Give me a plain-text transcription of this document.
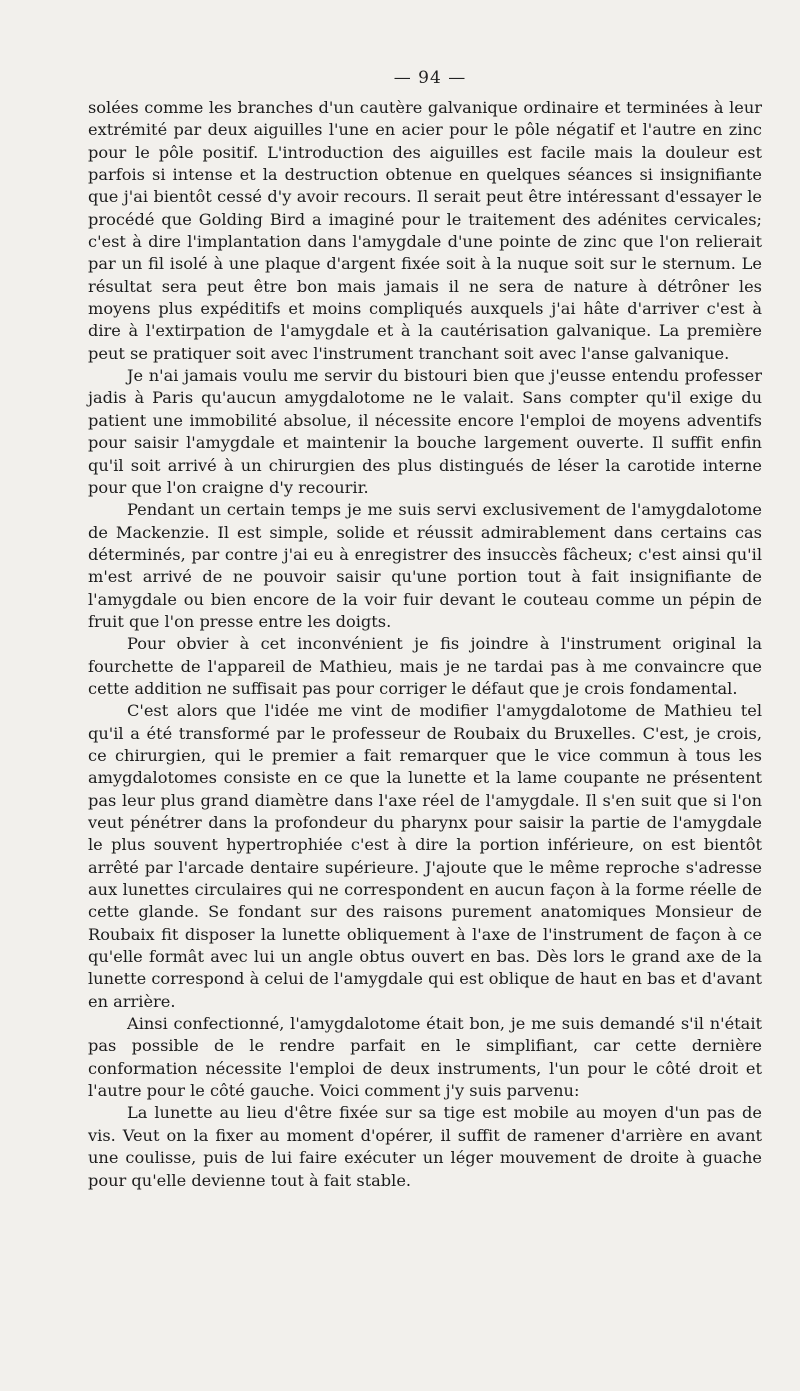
— 94 —

solées comme les branches d'un cautère galvanique ordinaire et terminées à leur extrémité par deux aiguilles l'une en acier pour le pôle négatif et l'autre en zinc pour le pôle positif. L'introduction des aiguilles est facile mais la douleur est parfois si intense et la destruction obtenue en quelques séances si insignifiante que j'ai bientôt cessé d'y avoir recours. Il serait peut être intéressant d'essayer le procédé que Golding Bird a imaginé pour le traitement des adénites cervicales; c'est à dire l'implantation dans l'amygdale d'une pointe de zinc que l'on relierait par un fil isolé à une plaque d'argent fixée soit à la nuque soit sur le sternum. Le résultat sera peut être bon mais jamais il ne sera de nature à détrôner les moyens plus expéditifs et moins compliqués auxquels j'ai hâte d'arriver c'est à dire à l'extirpation de l'amygdale et à la cautérisation galvanique. La première peut se pratiquer soit avec l'instrument tranchant soit avec l'anse galvanique.

Je n'ai jamais voulu me servir du bistouri bien que j'eusse entendu professer jadis à Paris qu'aucun amygdalotome ne le valait. Sans compter qu'il exige du patient une immobilité absolue, il nécessite encore l'emploi de moyens adventifs pour saisir l'amygdale et maintenir la bouche largement ouverte. Il suffit enfin qu'il soit arrivé à un chirurgien des plus distingués de léser la carotide interne pour que l'on craigne d'y recourir.

Pendant un certain temps je me suis servi exclusivement de l'amygdalotome de Mackenzie. Il est simple, solide et réussit admirablement dans certains cas déterminés, par contre j'ai eu à enregistrer des insuccès fâcheux; c'est ainsi qu'il m'est arrivé de ne pouvoir saisir qu'une portion tout à fait insignifiante de l'amygdale ou bien encore de la voir fuir devant le couteau comme un pépin de fruit que l'on presse entre les doigts.

Pour obvier à cet inconvénient je fis joindre à l'instrument original la fourchette de l'appareil de Mathieu, mais je ne tardai pas à me convaincre que cette addition ne suffisait pas pour corriger le défaut que je crois fondamental.

C'est alors que l'idée me vint de modifier l'amygdalotome de Mathieu tel qu'il a été transformé par le professeur de Roubaix du Bruxelles. C'est, je crois, ce chirurgien, qui le premier a fait remarquer que le vice commun à tous les amygdalotomes consiste en ce que la lunette et la lame coupante ne présentent pas leur plus grand diamètre dans l'axe réel de l'amygdale. Il s'en suit que si l'on veut pénétrer dans la profondeur du pharynx pour saisir la partie de l'amygdale le plus souvent hypertrophiée c'est à dire la portion inférieure, on est bientôt arrêté par l'arcade dentaire supérieure. J'ajoute que le même reproche s'adresse aux lunettes circulaires qui ne correspondent en aucun façon à la forme réelle de cette glande. Se fondant sur des raisons purement anatomiques Monsieur de Roubaix fit disposer la lunette obliquement à l'axe de l'instrument de façon à ce qu'elle formât avec lui un angle obtus ouvert en bas. Dès lors le grand axe de la lunette correspond à celui de l'amygdale qui est oblique de haut en bas et d'avant en arrière.

Ainsi confectionné, l'amygdalotome était bon, je me suis demandé s'il n'était pas possible de le rendre parfait en le simplifiant, car cette dernière conformation nécessite l'emploi de deux instruments, l'un pour le côté droit et l'autre pour le côté gauche. Voici comment j'y suis parvenu:

La lunette au lieu d'être fixée sur sa tige est mobile au moyen d'un pas de vis. Veut on la fixer au moment d'opérer, il suffit de ramener d'arrière en avant une coulisse, puis de lui faire exécuter un léger mouvement de droite à guache pour qu'elle devienne tout à fait stable.
